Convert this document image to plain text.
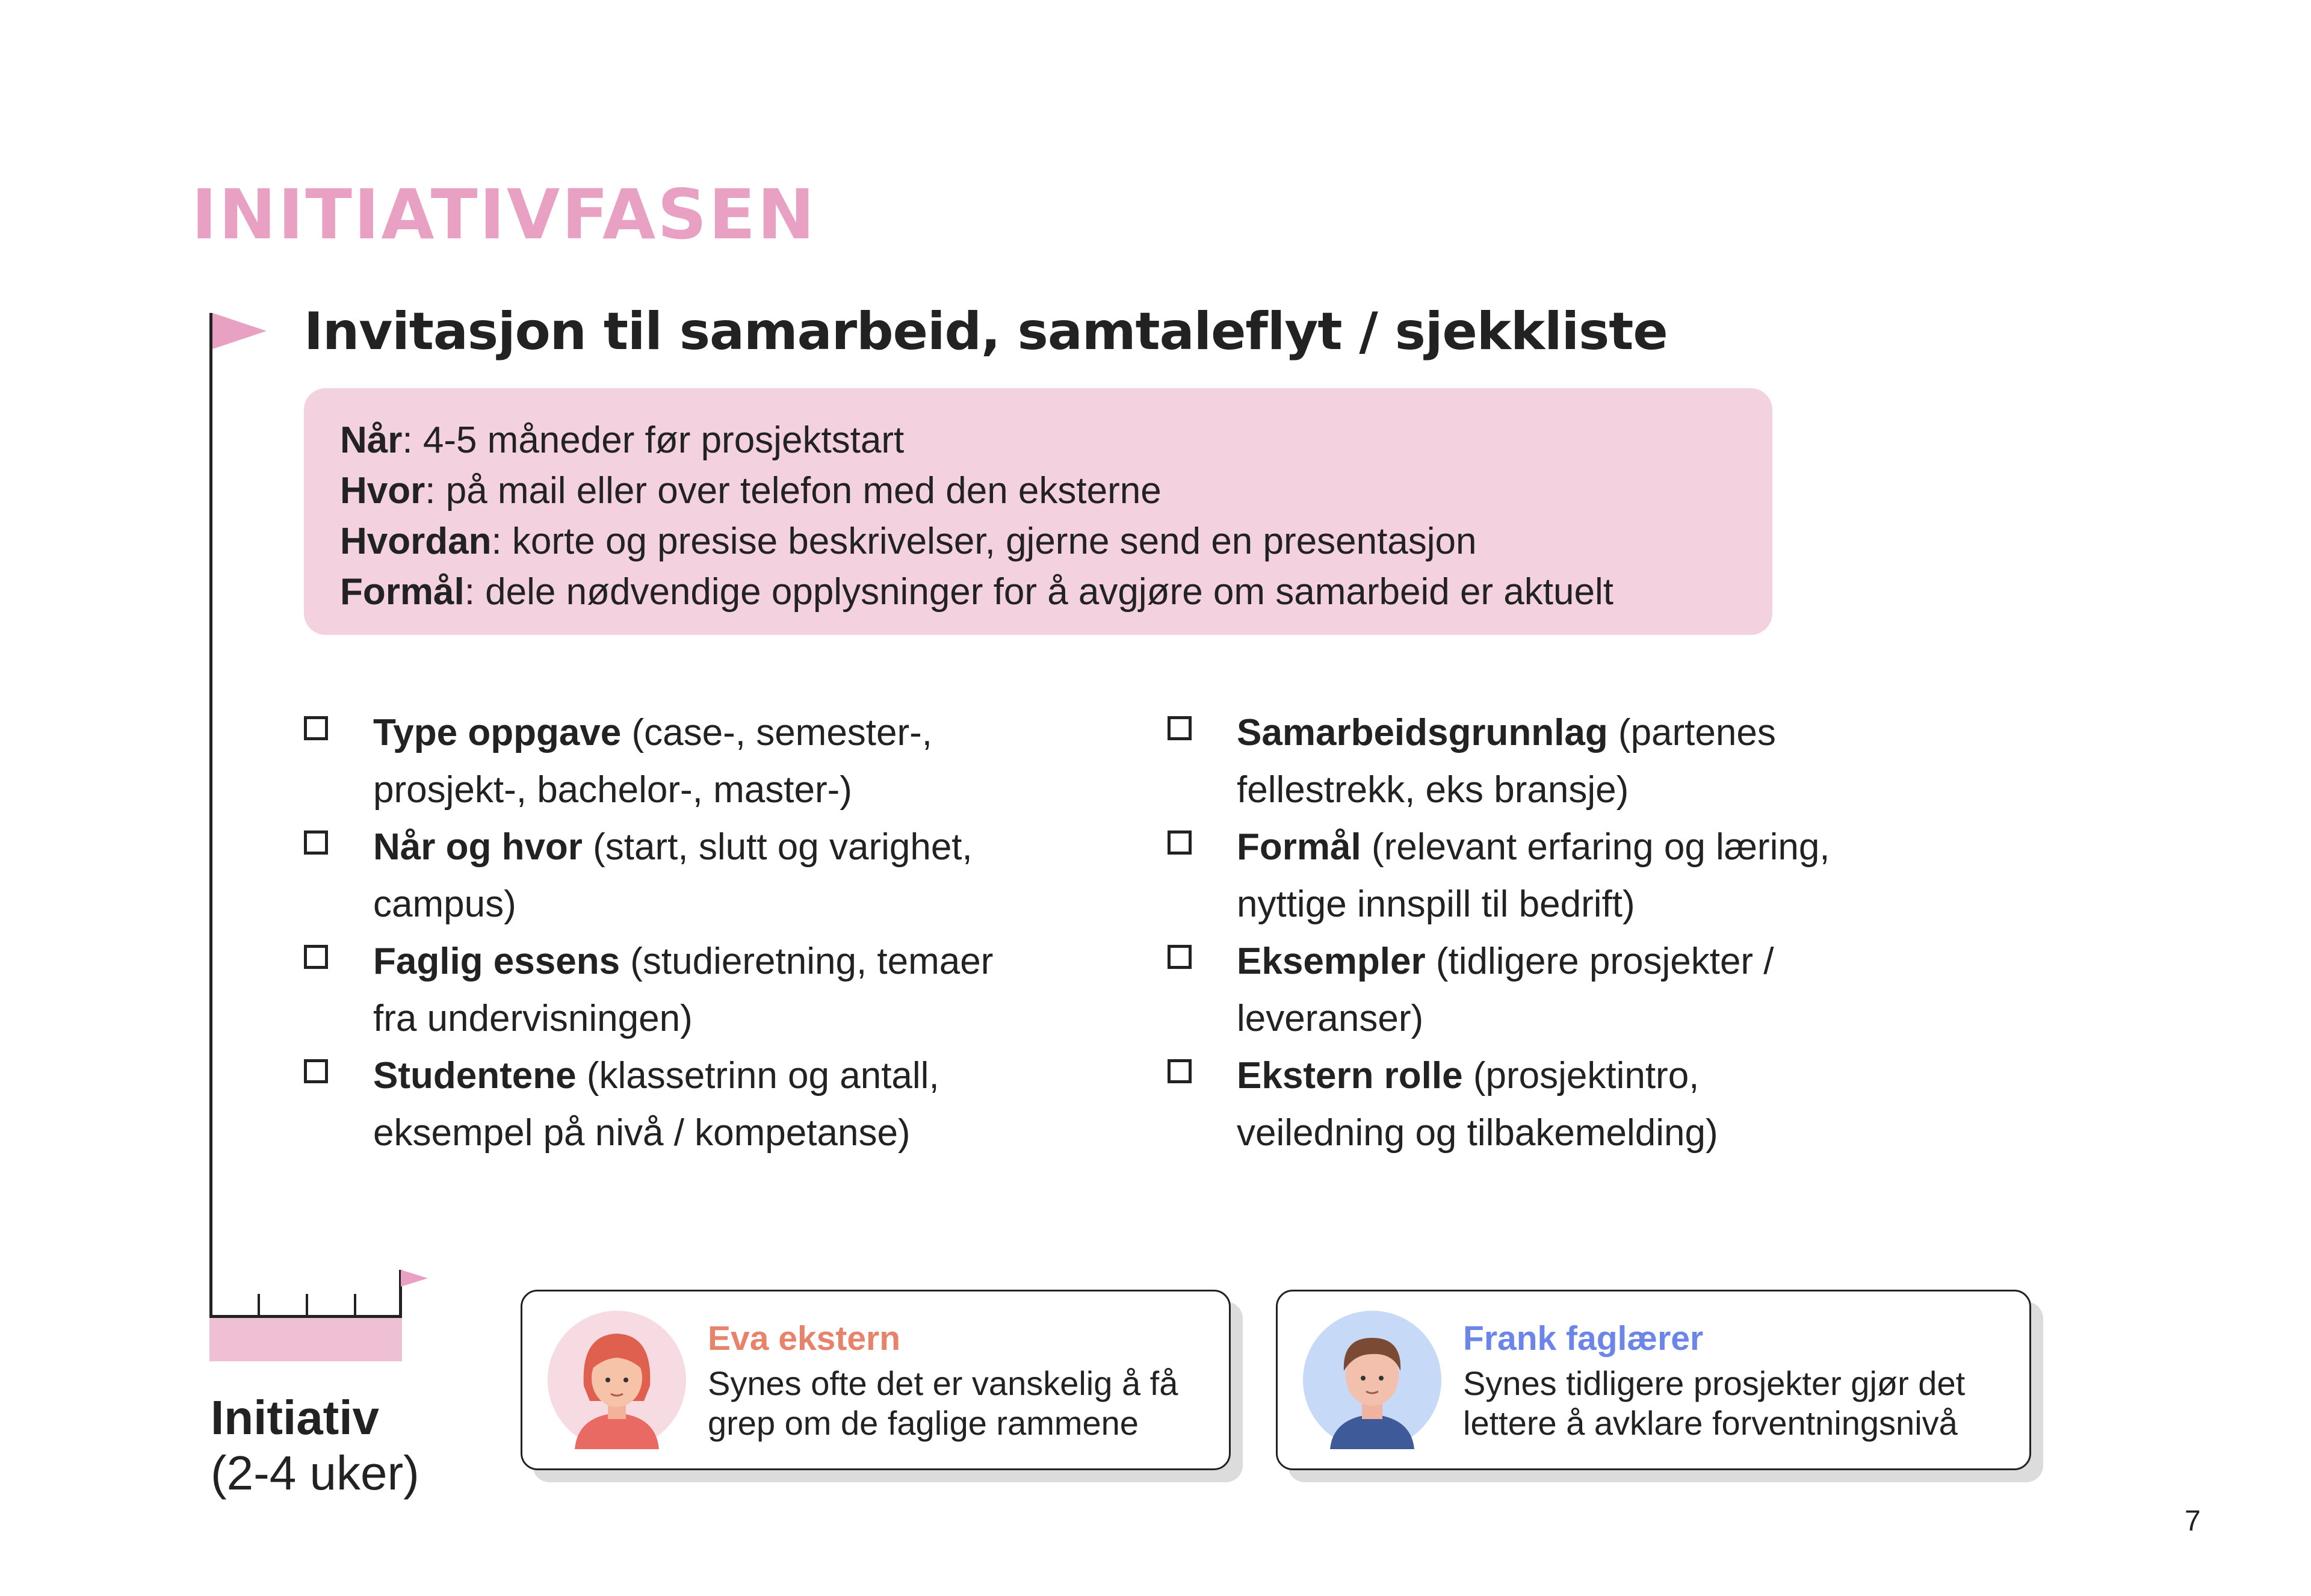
INITIATIVFASEN
Invitasjon til samarbeid, samtaleflyt / sjekkliste
Når: 4-5 måneder før prosjektstart
Hvor: på mail eller over telefon med den eksterne
Hvordan: korte og presise beskrivelser, gjerne send en presentasjon
Formål: dele nødvendige opplysninger for å avgjøre om samarbeid er aktuelt
Type oppgave (case-, semester-,
prosjekt-, bachelor-, master-)
Når og hvor (start, slutt og varighet,
campus)
Faglig essens (studieretning, temaer
fra undervisningen)
Studentene (klassetrinn og antall,
eksempel på nivå / kompetanse)
Samarbeidsgrunnlag (partenes
fellestrekk, eks bransje)
Formål (relevant erfaring og læring,
nyttige innspill til bedrift)
Eksempler (tidligere prosjekter /
leveranser)
Ekstern rolle (prosjektintro,
veiledning og tilbakemelding)
Eva ekstern
Synes ofte det er vanskelig å få
grep om de faglige rammene
Frank faglærer
Synes tidligere prosjekter gjør det
lettere å avklare forventningsnivå
Initiativ
(2-4 uker)
7
